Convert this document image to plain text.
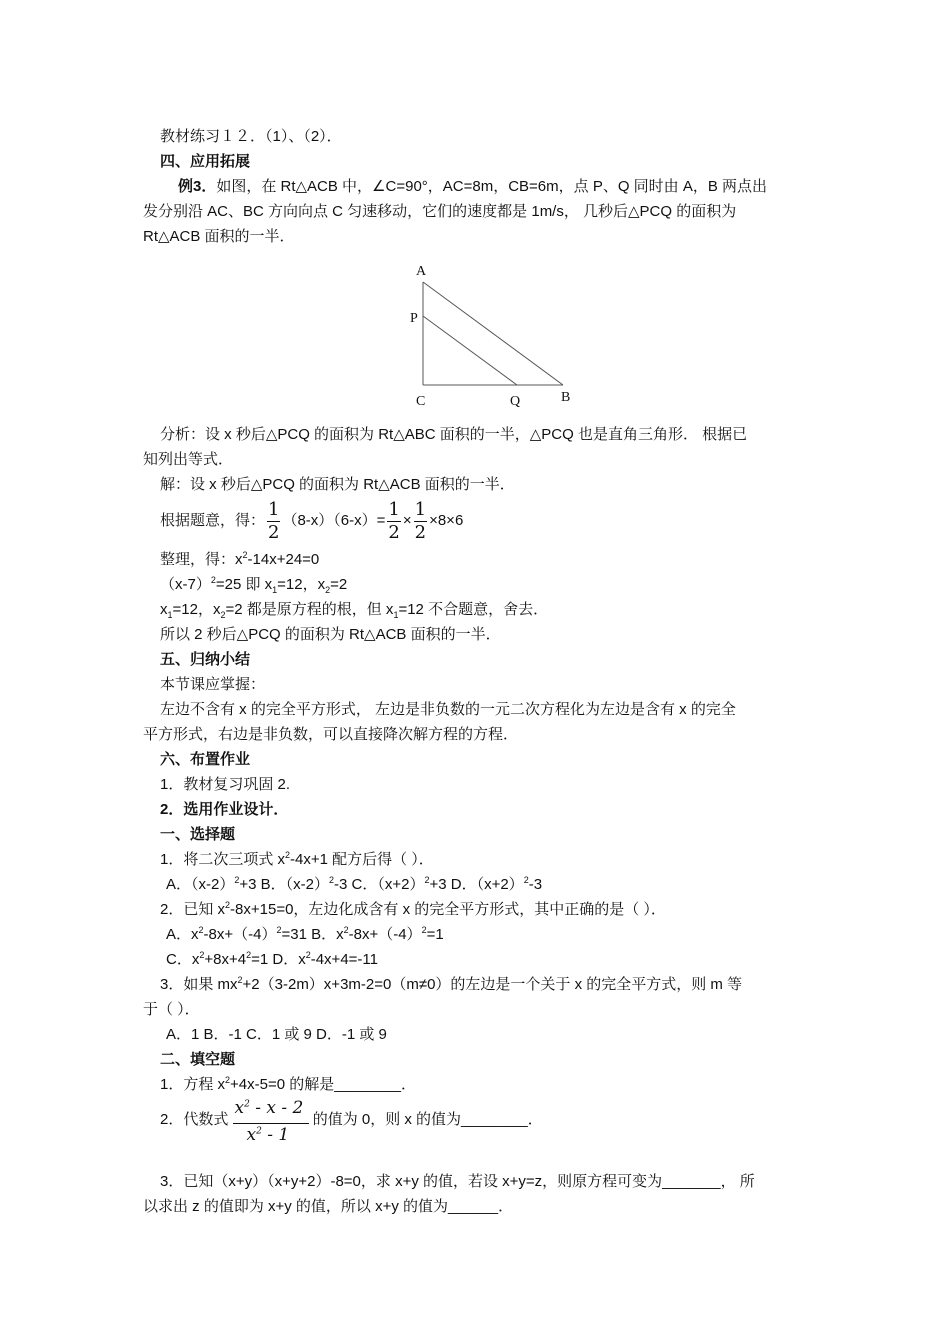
教材练习１２．（1）、（2）．
四、应用拓展
例3．如图，在 Rt△ACB 中，∠C=90°，AC=8m，CB=6m，点 P、Q 同时由 A，B 两点出
发分别沿 AC、BC 方向向点 C 匀速移动，它们的速度都是 1m/s， 几秒后△PCQ 的面积为
Rt△ACB 面积的一半．
A
P
C	Q	B
分析：设 x 秒后△PCQ 的面积为 Rt△ABC 面积的一半，△PCQ 也是直角三角形． 根据已
知列出等式．
解：设 x 秒后△PCQ 的面积为 Rt△ACB 面积的一半．
根据题意，得： $\frac{1}{2} (8-x)(6-x)= \frac{1}{2} \times \frac{1}{2} \times 8\times 6$
整理，得：$x^2-14x+24=0$
$(x-7)^2=25$ 即 $x_1=12$，$x_2=2$
$x_1=12$，$x_2=2$ 都是原方程的根，但 $x_1=12$ 不合题意，舍去．
所以 2 秒后△PCQ 的面积为 Rt△ACB 面积的一半．
五、归纳小结
本节课应掌握：
左边不含有 x 的完全平方形式， 左边是非负数的一元二次方程化为左边是含有 x 的完全
平方形式，右边是非负数，可以直接降次解方程的方程．
六、布置作业
1．教材复习巩固 2.
2．选用作业设计．
一、选择题
1．将二次三项式 $x^2-4x+1$ 配方后得（ ）．
A．$(x-2)^2+3$ B．$(x-2)^2-3$ C．$(x+2)^2+3$ D．$(x+2)^2-3$
2．已知 $x^2-8x+15=0$，左边化成含有 x 的完全平方形式，其中正确的是（ ）．
A．$x^2-8x+(-4)^2=31$ B．$x^2-8x+(-4)^2=1$
C．$x^2+8x+4^2=1$ D．$x^2-4x+4=-11$
3．如果 $mx^2+2(3-2m)x+3m-2=0(m\ne 0)$的左边是一个关于 x 的完全平方式，则 m 等
于（ ）．
A．1 B．-1 C．1 或 9 D．-1 或 9
二、填空题
1．方程 $x^2+4x-5=0$ 的解是________．
2．代数式 $\frac{x^2 - x - 2}{x^2 - 1}$ 的值为 0，则 x 的值为________．
3．已知（x+y）（x+y+2）-8=0，求 x+y 的值，若设 x+y=z，则原方程可变为_______， 所
以求出 z 的值即为 x+y 的值，所以 x+y 的值为______．
